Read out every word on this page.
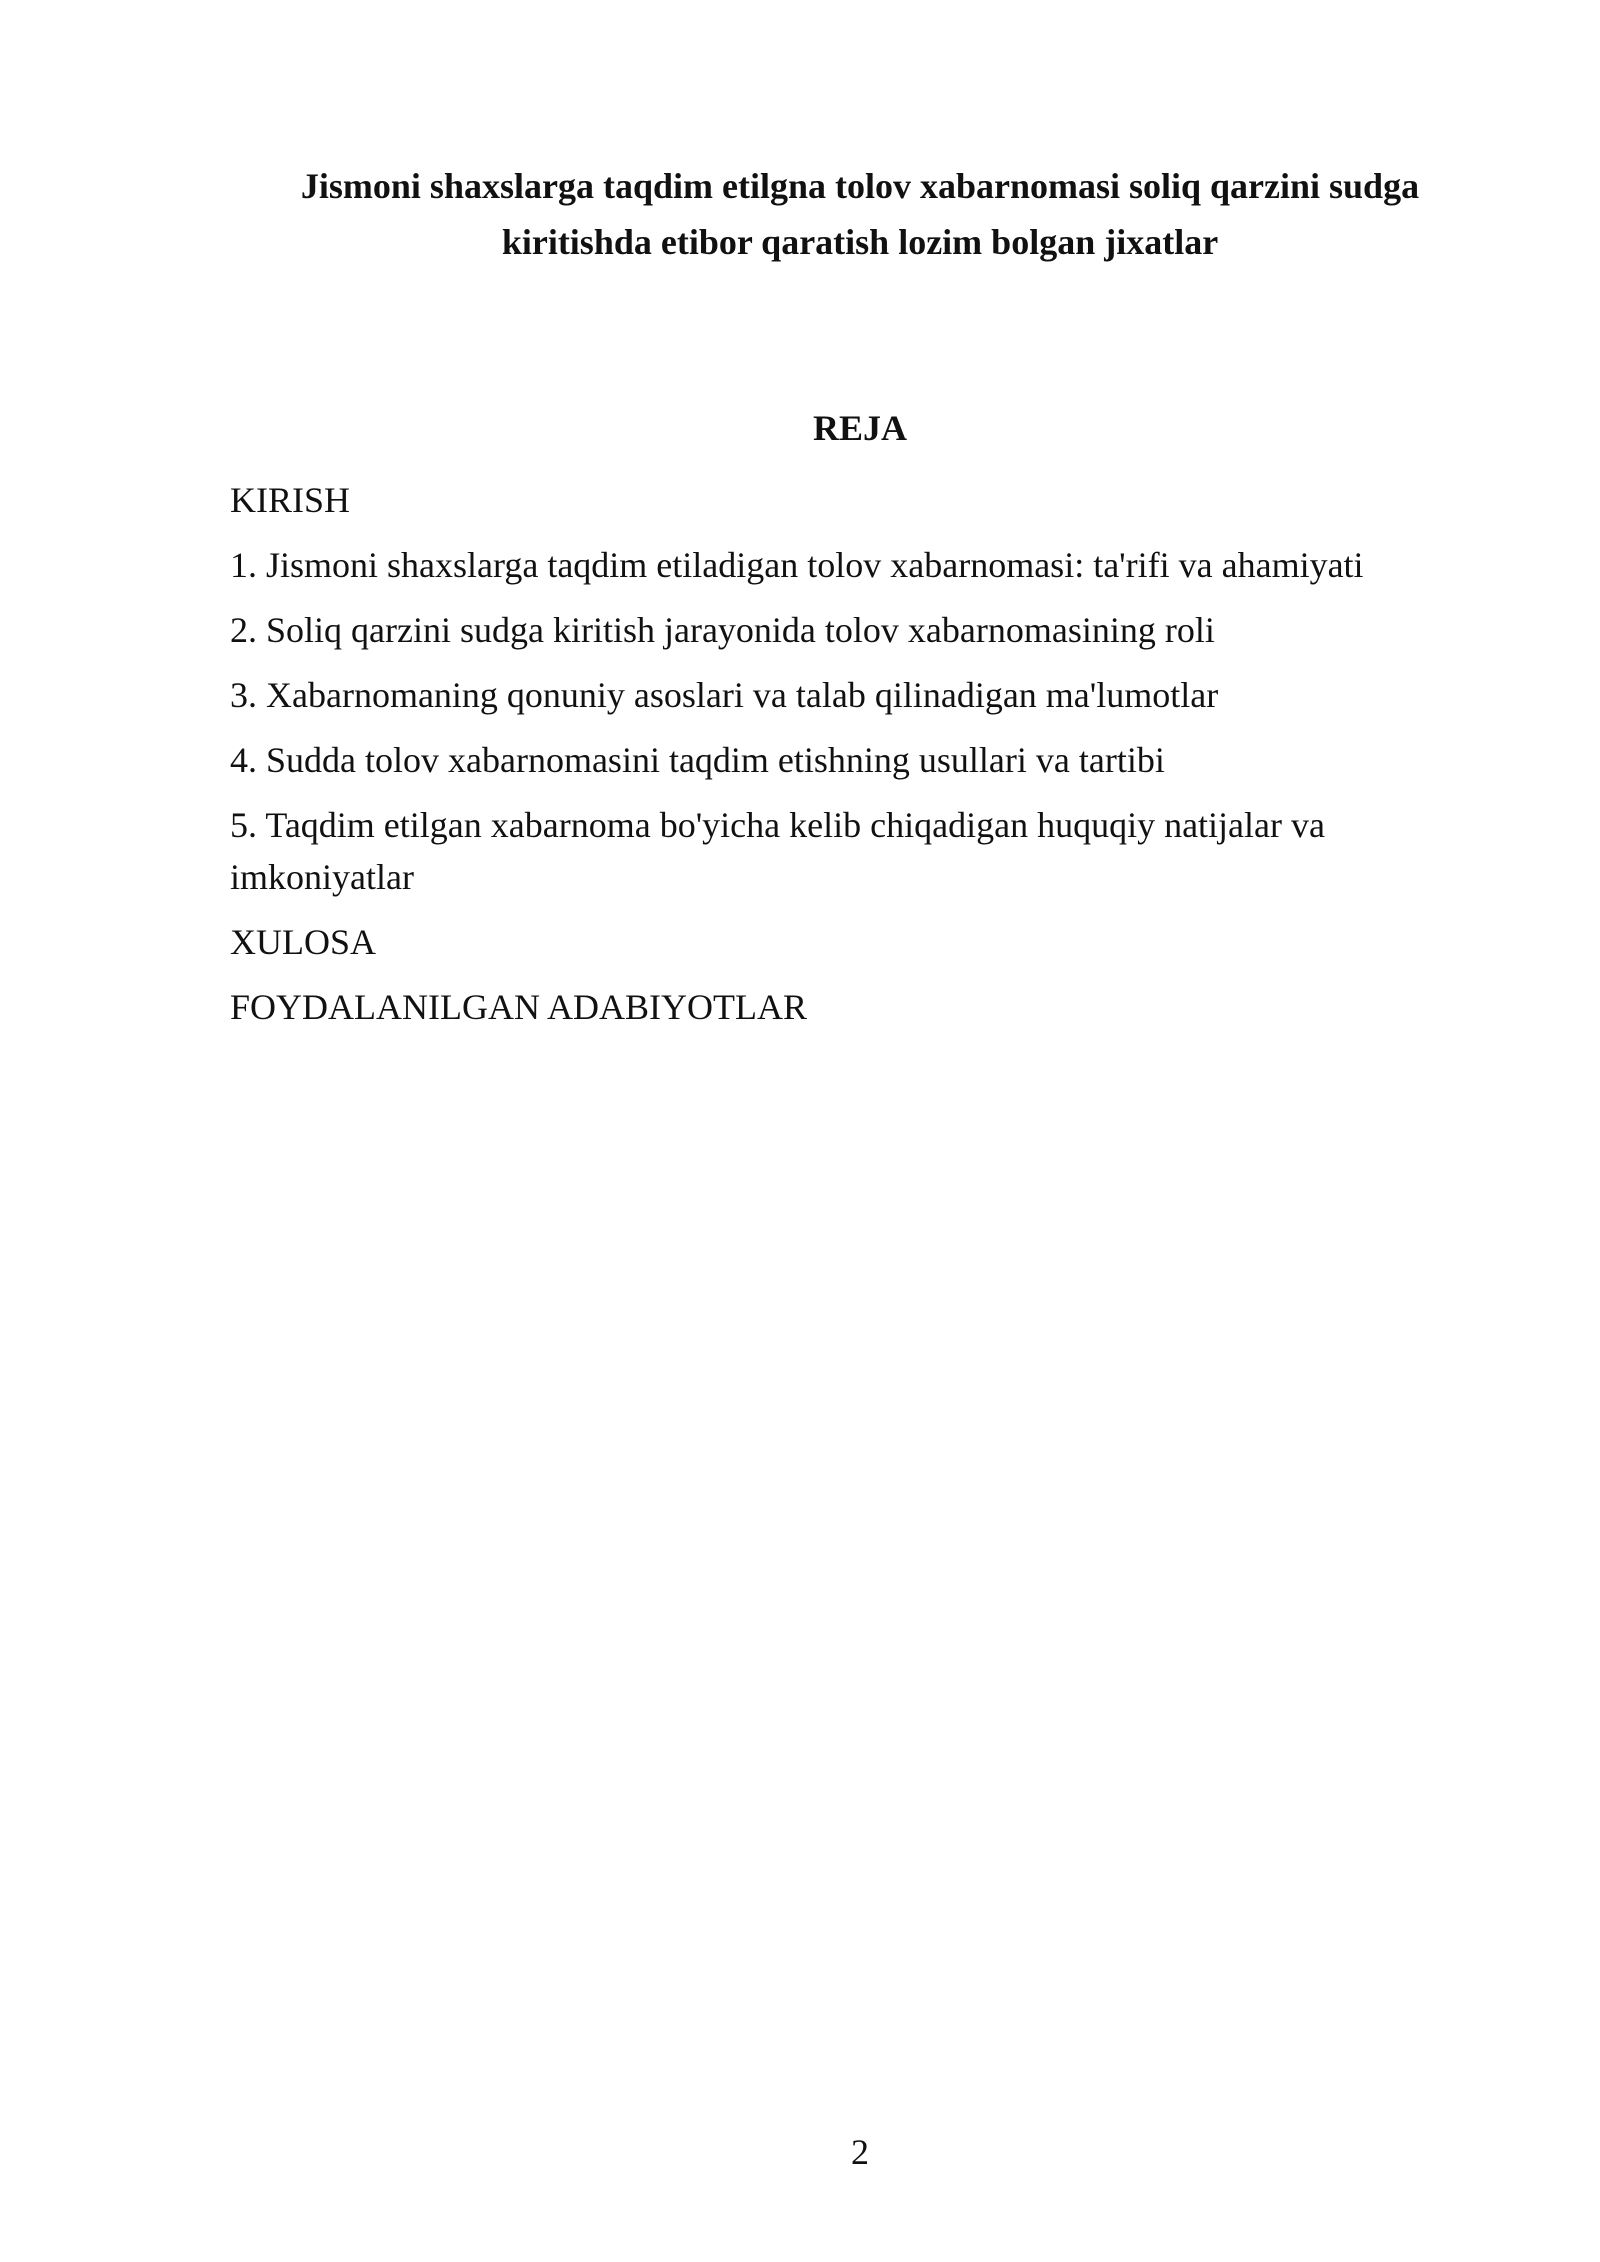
Jismoni shaxslarga taqdim etilgna tolov xabarnomasi soliq qarzini sudga
kiritishda etibor qaratish lozim bolgan jixatlar
REJA

KIRISH

1. Jismoni shaxslarga taqdim etiladigan tolov xabarnomasi: ta'rifi va ahamiyati

2. Soliq qarzini sudga kiritish jarayonida tolov xabarnomasining roli

3. Xabarnomaning qonuniy asoslari va talab qilinadigan ma'lumotlar

4. Sudda tolov xabarnomasini taqdim etishning usullari va tartibi

5. Taqdim etilgan xabarnoma bo'yicha kelib chiqadigan huquqiy natijalar va imkoniyatlar

XULOSA

FOYDALANILGAN ADABIYOTLAR

2
